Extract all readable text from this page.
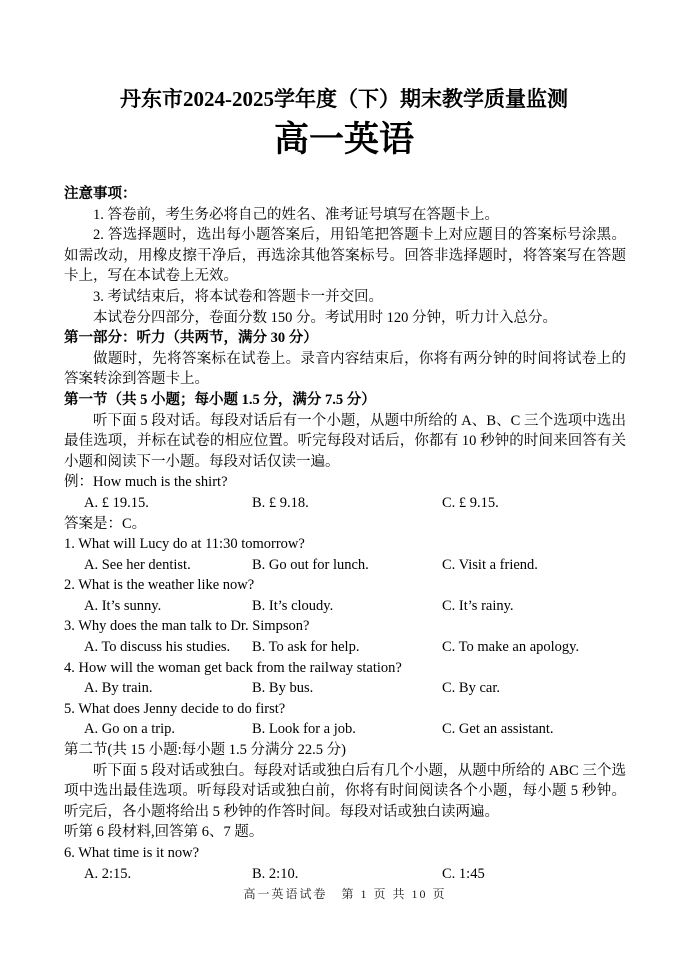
丹东市2024-2025学年度（下）期末教学质量监测

高一英语

注意事项：

1. 答卷前，考生务必将自己的姓名、准考证号填写在答题卡上。

2. 答选择题时，选出每小题答案后，用铅笔把答题卡上对应题目的答案标号涂黑。如需改动，用橡皮擦干净后，再选涂其他答案标号。回答非选择题时，将答案写在答题卡上，写在本试卷上无效。

3. 考试结束后，将本试卷和答题卡一并交回。

本试卷分四部分，卷面分数 150 分。考试用时 120 分钟，听力计入总分。

第一部分：听力（共两节，满分 30 分）

做题时，先将答案标在试卷上。录音内容结束后，你将有两分钟的时间将试卷上的答案转涂到答题卡上。

第一节（共 5 小题；每小题 1.5 分，满分 7.5 分）

听下面 5 段对话。每段对话后有一个小题，从题中所给的 A、B、C 三个选项中选出最佳选项，并标在试卷的相应位置。听完每段对话后，你都有 10 秒钟的时间来回答有关小题和阅读下一小题。每段对话仅读一遍。

例：How much is the shirt?

A. £ 19.15.	B. £ 9.18.	C. £ 9.15.

答案是：C。

1. What will Lucy do at 11:30 tomorrow?

A. See her dentist.	B. Go out for lunch.	C. Visit a friend.

2. What is the weather like now?

A. It’s sunny.	B. It’s cloudy.	C. It’s rainy.

3. Why does the man talk to Dr. Simpson?

A. To discuss his studies.	B. To ask for help.	C. To make an apology.

4. How will the woman get back from the railway station?

A. By train.	B. By bus.	C. By car.

5. What does Jenny decide to do first?

A. Go on a trip.	B. Look for a job.	C. Get an assistant.

第二节(共 15 小题:每小题 1.5 分满分 22.5 分)

听下面 5 段对话或独白。每段对话或独白后有几个小题，从题中所给的 ABC 三个选项中选出最佳选项。听每段对话或独白前，你将有时间阅读各个小题，每小题 5 秒钟。听完后，各小题将给出 5 秒钟的作答时间。每段对话或独白读两遍。

听第 6 段材料,回答第 6、7 题。

6. What time is it now?

A. 2:15.	B. 2:10.	C. 1:45

高一英语试卷　第 1 页 共 10 页
